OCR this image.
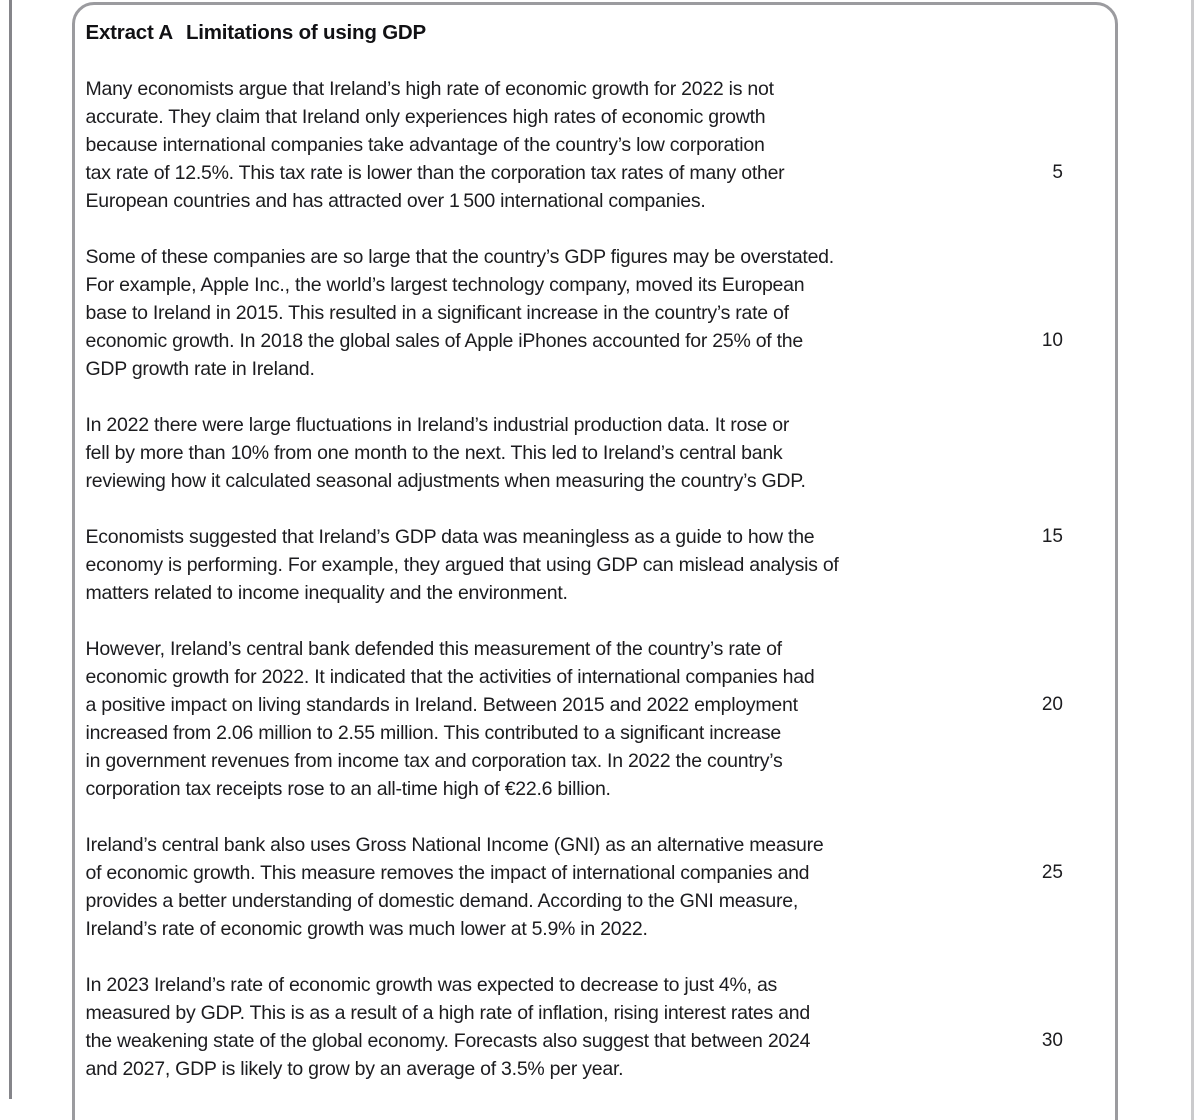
Extract A Limitations of using GDP
Many economists argue that Ireland’s high rate of economic growth for 2022 is not
accurate. They claim that Ireland only experiences high rates of economic growth
because international companies take advantage of the country’s low corporation
tax rate of 12.5%. This tax rate is lower than the corporation tax rates of many other	5
European countries and has attracted over 1 500 international companies.
Some of these companies are so large that the country’s GDP figures may be overstated.
For example, Apple Inc., the world’s largest technology company, moved its European
base to Ireland in 2015. This resulted in a significant increase in the country’s rate of
economic growth. In 2018 the global sales of Apple iPhones accounted for 25% of the	10
GDP growth rate in Ireland.
In 2022 there were large fluctuations in Ireland’s industrial production data. It rose or
fell by more than 10% from one month to the next. This led to Ireland’s central bank
reviewing how it calculated seasonal adjustments when measuring the country’s GDP.
Economists suggested that Ireland’s GDP data was meaningless as a guide to how the	15
economy is performing. For example, they argued that using GDP can mislead analysis of
matters related to income inequality and the environment.
However, Ireland’s central bank defended this measurement of the country’s rate of
economic growth for 2022. It indicated that the activities of international companies had
a positive impact on living standards in Ireland. Between 2015 and 2022 employment	20
increased from 2.06 million to 2.55 million. This contributed to a significant increase
in government revenues from income tax and corporation tax. In 2022 the country’s
corporation tax receipts rose to an all-time high of €22.6 billion.
Ireland’s central bank also uses Gross National Income (GNI) as an alternative measure
of economic growth. This measure removes the impact of international companies and	25
provides a better understanding of domestic demand. According to the GNI measure,
Ireland’s rate of economic growth was much lower at 5.9% in 2022.
In 2023 Ireland’s rate of economic growth was expected to decrease to just 4%, as
measured by GDP. This is as a result of a high rate of inflation, rising interest rates and
the weakening state of the global economy. Forecasts also suggest that between 2024	30
and 2027, GDP is likely to grow by an average of 3.5% per year.
